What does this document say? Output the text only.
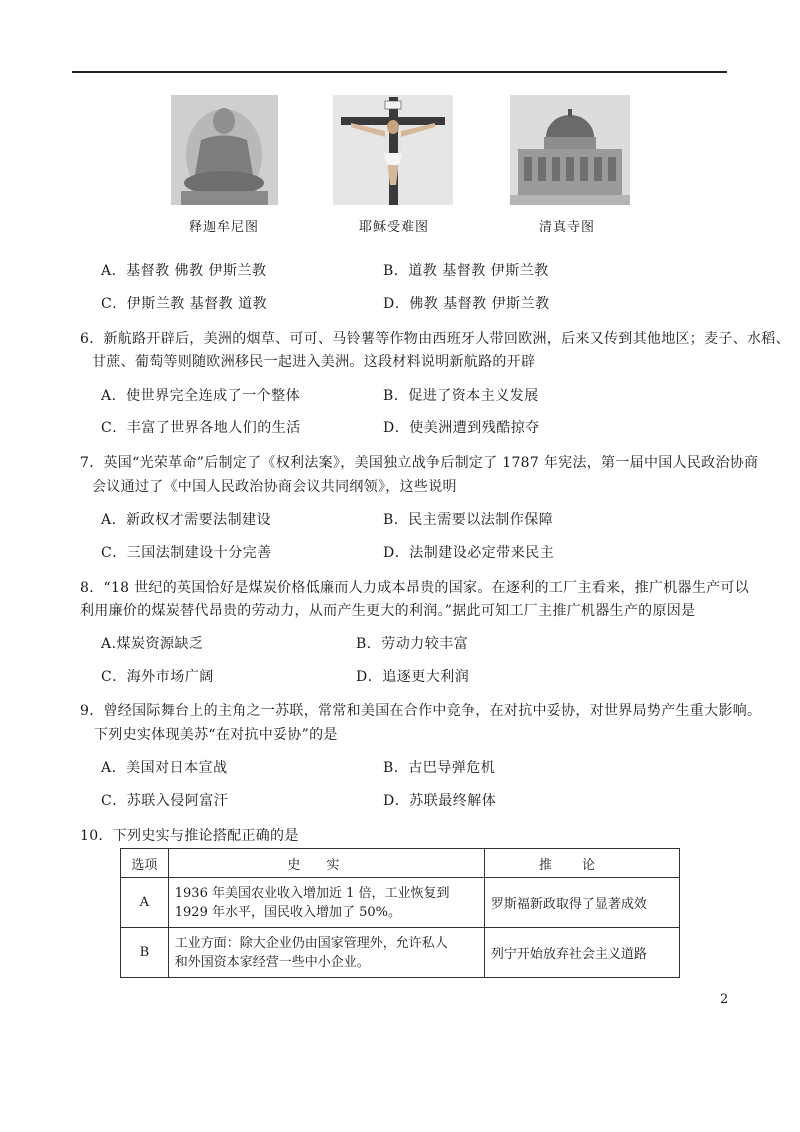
释迦牟尼图	耶稣受难图	清真寺图
A．基督教 佛教 伊斯兰教	B．道教 基督教 伊斯兰教
C．伊斯兰教 基督教 道教	D．佛教 基督教 伊斯兰教
6．新航路开辟后，美洲的烟草、可可、马铃薯等作物由西班牙人带回欧洲，后来又传到其他地区；麦子、水稻、
甘蔗、葡萄等则随欧洲移民一起进入美洲。这段材料说明新航路的开辟
A．使世界完全连成了一个整体	B．促进了资本主义发展
C．丰富了世界各地人们的生活	D．使美洲遭到残酷掠夺
7．英国“光荣革命”后制定了《权利法案》，美国独立战争后制定了 1787 年宪法，第一届中国人民政治协商
会议通过了《中国人民政治协商会议共同纲领》，这些说明
A．新政权才需要法制建设	B．民主需要以法制作保障
C．三国法制建设十分完善	D．法制建设必定带来民主
8．“18 世纪的英国恰好是煤炭价格低廉而人力成本昂贵的国家。在逐利的工厂主看来，推广机器生产可以
利用廉价的煤炭替代昂贵的劳动力，从而产生更大的利润。”据此可知工厂主推广机器生产的原因是
A.煤炭资源缺乏	B．劳动力较丰富
C．海外市场广阔	D．追逐更大利润
9．曾经国际舞台上的主角之一苏联，常常和美国在合作中竞争，在对抗中妥协，对世界局势产生重大影响。
下列史实体现美苏“在对抗中妥协”的是
A．美国对日本宣战	B．古巴导弹危机
C．苏联入侵阿富汗	D．苏联最终解体
10．下列史实与推论搭配正确的是
选项	史实	推论
A	1936 年美国农业收入增加近 1 倍，工业恢复到
1929 年水平，国民收入增加了 50%。	罗斯福新政取得了显著成效
B	工业方面：除大企业仍由国家管理外，允许私人
和外国资本家经营一些中小企业。	列宁开始放弃社会主义道路
2
